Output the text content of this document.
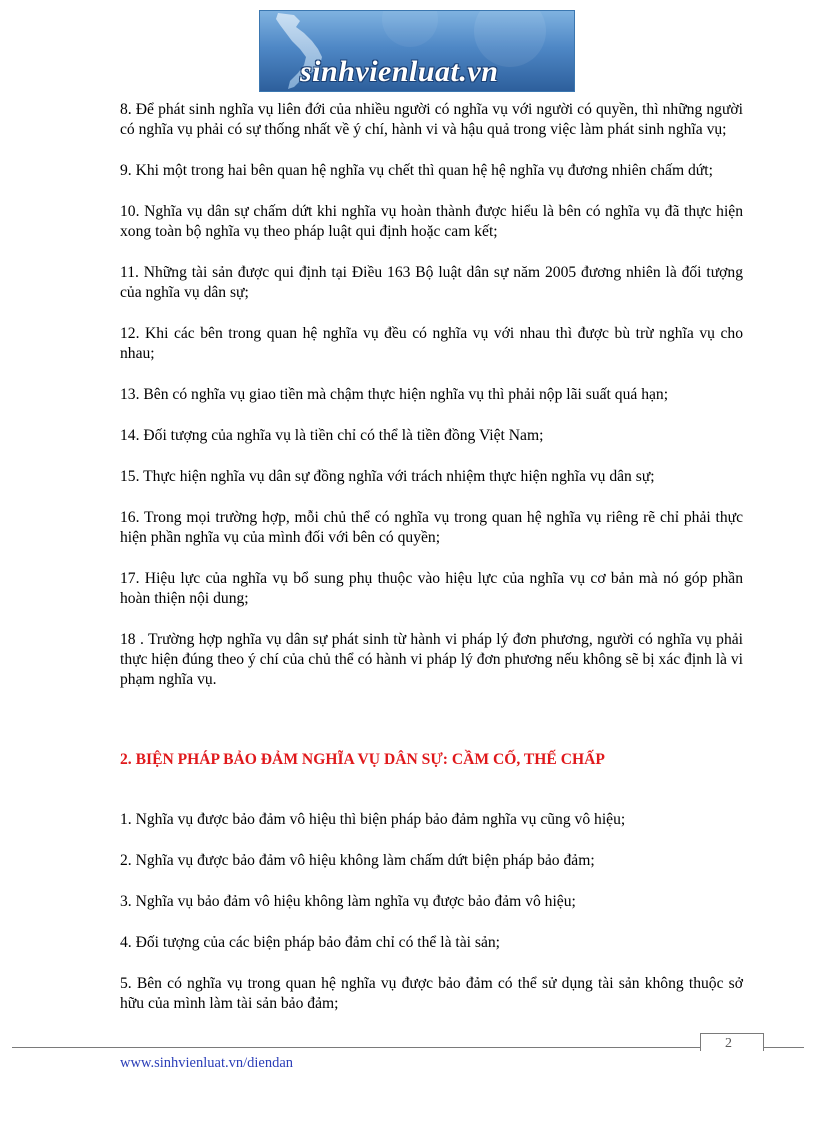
sinhvienluat.vn

8. Để phát sinh nghĩa vụ liên đới của nhiều người có nghĩa vụ với người có quyền, thì những người có nghĩa vụ phải có sự thống nhất về ý chí, hành vi và hậu quả trong việc làm phát sinh nghĩa vụ;

9. Khi một trong hai bên quan hệ nghĩa vụ chết thì quan hệ hệ nghĩa vụ đương nhiên chấm dứt;

10. Nghĩa vụ dân sự chấm dứt khi nghĩa vụ hoàn thành được hiểu là bên có nghĩa vụ đã thực hiện xong toàn bộ nghĩa vụ theo pháp luật qui định hoặc cam kết;

11. Những tài sản được qui định tại Điều 163 Bộ luật dân sự năm 2005 đương nhiên là đối tượng của nghĩa vụ dân sự;

12. Khi các bên trong quan hệ nghĩa vụ đều có nghĩa vụ với nhau thì được bù trừ nghĩa vụ cho nhau;

13. Bên có nghĩa vụ giao tiền mà chậm thực hiện nghĩa vụ thì phải nộp lãi suất quá hạn;

14. Đối tượng của nghĩa vụ là tiền chỉ có thể là tiền đồng Việt Nam;

15. Thực hiện nghĩa vụ dân sự đồng nghĩa với trách nhiệm thực hiện nghĩa vụ dân sự;

16. Trong mọi trường hợp, mỗi chủ thể có nghĩa vụ trong quan hệ nghĩa vụ riêng rẽ chỉ phải thực hiện phần nghĩa vụ của mình đối với bên có quyền;

17. Hiệu lực của nghĩa vụ bổ sung phụ thuộc vào hiệu lực của nghĩa vụ cơ bản mà nó góp phần hoàn thiện nội dung;

18 . Trường hợp nghĩa vụ dân sự phát sinh từ hành vi pháp lý đơn phương, người có nghĩa vụ phải thực hiện đúng theo ý chí của chủ thể có hành vi pháp lý đơn phương nếu không sẽ bị xác định là vi phạm nghĩa vụ.

2. BIỆN PHÁP BẢO ĐẢM NGHĨA VỤ DÂN SỰ: CẦM CỐ, THẾ CHẤP

1. Nghĩa vụ được bảo đảm vô hiệu thì biện pháp bảo đảm nghĩa vụ cũng vô hiệu;

2. Nghĩa vụ được bảo đảm vô hiệu không làm chấm dứt biện pháp bảo đảm;

3. Nghĩa vụ bảo đảm vô hiệu không làm nghĩa vụ được bảo đảm vô hiệu;

4. Đối tượng của các biện pháp bảo đảm chỉ có thể là tài sản;

5. Bên có nghĩa vụ trong quan hệ nghĩa vụ được bảo đảm có thể sử dụng tài sản không thuộc sở hữu của mình làm tài sản bảo đảm;

2
www.sinhvienluat.vn/diendan
